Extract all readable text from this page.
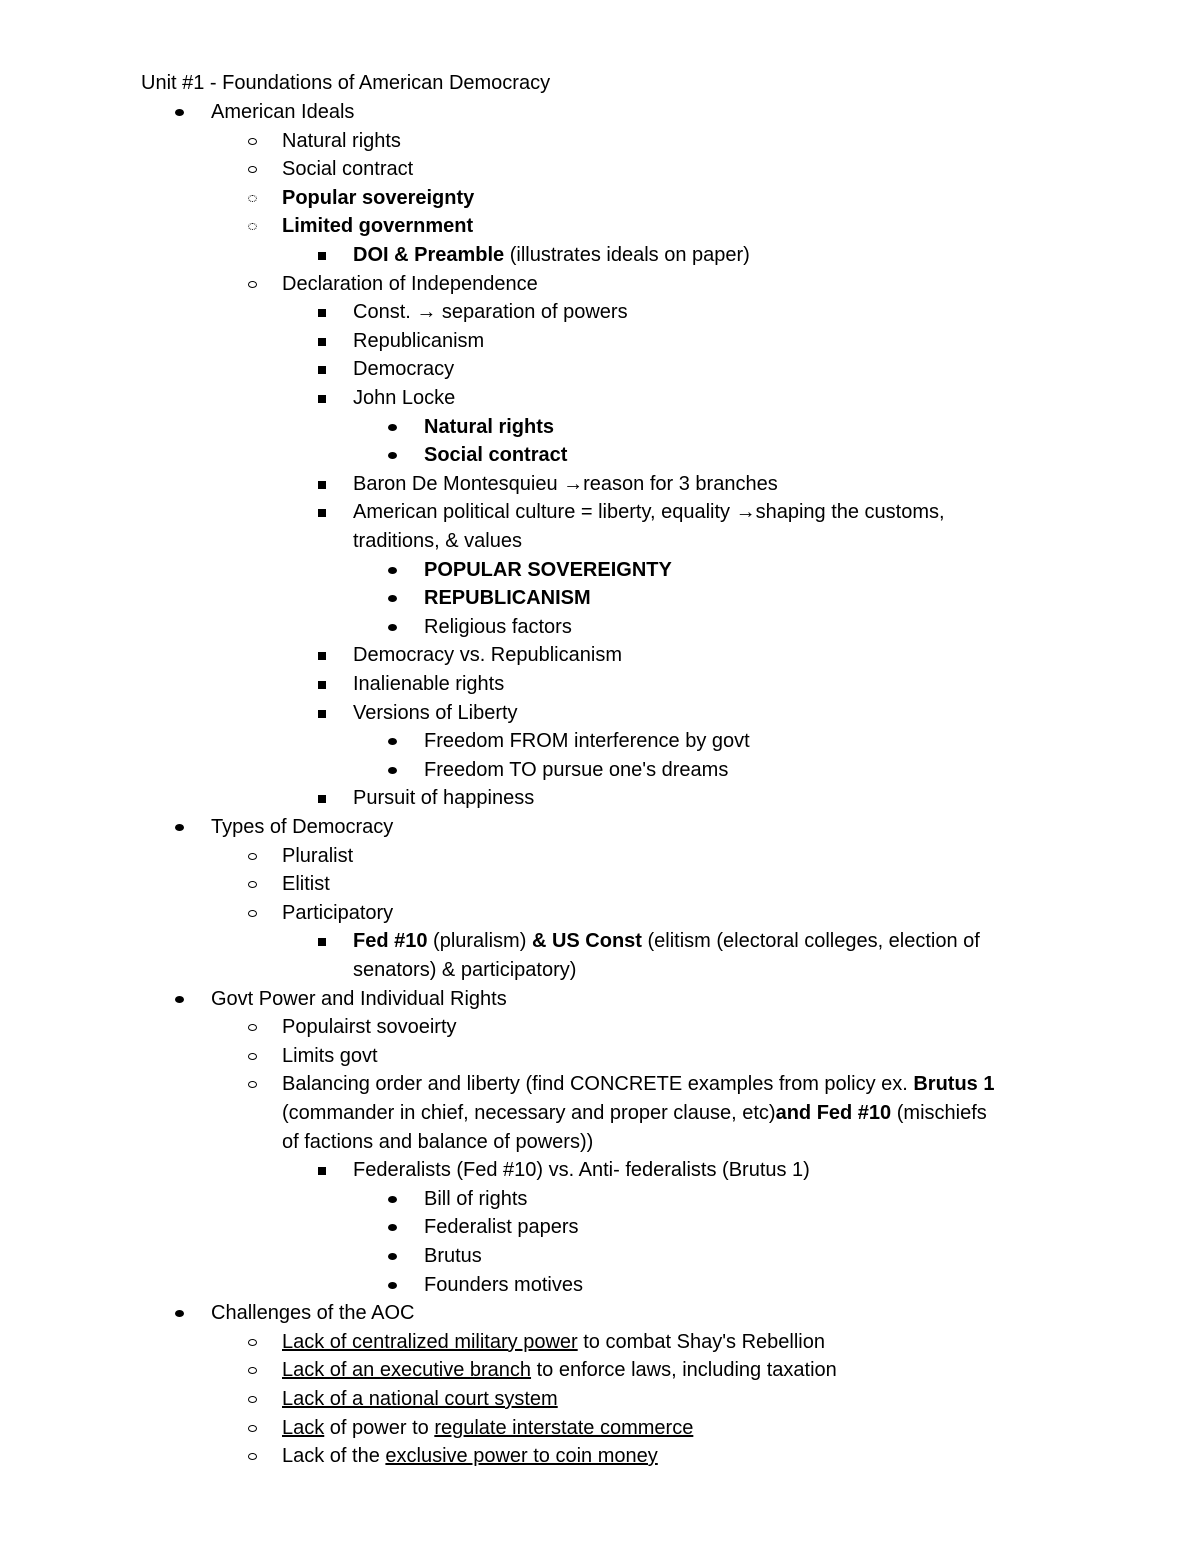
Unit #1 - Foundations of American Democracy
American Ideals
Natural rights
Social contract
Popular sovereignty
Limited government
DOI & Preamble (illustrates ideals on paper)
Declaration of Independence
Const. → separation of powers
Republicanism
Democracy
John Locke
Natural rights
Social contract
Baron De Montesquieu →reason for 3 branches
American political culture = liberty, equality →shaping the customs,
traditions, & values
POPULAR SOVEREIGNTY
REPUBLICANISM
Religious factors
Democracy vs. Republicanism
Inalienable rights
Versions of Liberty
Freedom FROM interference by govt
Freedom TO pursue one's dreams
Pursuit of happiness
Types of Democracy
Pluralist
Elitist
Participatory
Fed #10 (pluralism) & US Const (elitism (electoral colleges, election of
senators) & participatory)
Govt Power and Individual Rights
Populairst sovoeirty
Limits govt
Balancing order and liberty (find CONCRETE examples from policy ex. Brutus 1
(commander in chief, necessary and proper clause, etc)and Fed #10 (mischiefs
of factions and balance of powers))
Federalists (Fed #10) vs. Anti- federalists (Brutus 1)
Bill of rights
Federalist papers
Brutus
Founders motives
Challenges of the AOC
Lack of centralized military power to combat Shay's Rebellion
Lack of an executive branch to enforce laws, including taxation
Lack of a national court system
Lack of power to regulate interstate commerce
Lack of the exclusive power to coin money
